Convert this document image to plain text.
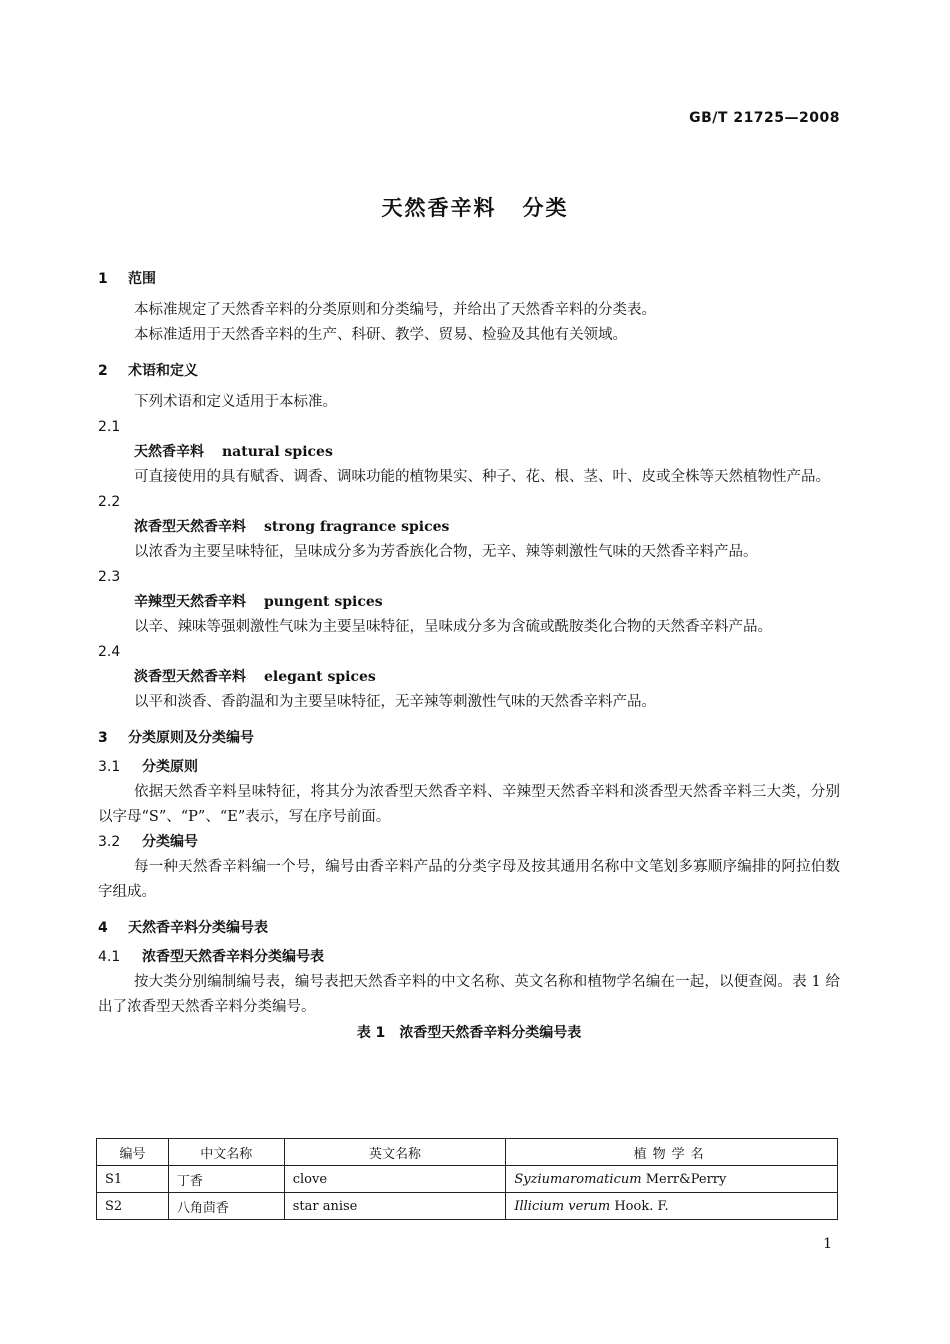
GB/T 21725—2008
天然香辛料 分类
1 范围

本标准规定了天然香辛料的分类原则和分类编号，并给出了天然香辛料的分类表。

本标准适用于天然香辛料的生产、科研、教学、贸易、检验及其他有关领域。

2 术语和定义

下列术语和定义适用于本标准。

2.1
天然香辛料 natural spices

可直接使用的具有赋香、调香、调味功能的植物果实、种子、花、根、茎、叶、皮或全株等天然植物性产品。

2.2
浓香型天然香辛料 strong fragrance spices

以浓香为主要呈味特征，呈味成分多为芳香族化合物，无辛、辣等刺激性气味的天然香辛料产品。

2.3
辛辣型天然香辛料 pungent spices

以辛、辣味等强刺激性气味为主要呈味特征，呈味成分多为含硫或酰胺类化合物的天然香辛料产品。

2.4
淡香型天然香辛料 elegant spices

以平和淡香、香韵温和为主要呈味特征，无辛辣等刺激性气味的天然香辛料产品。

3 分类原则及分类编号
3.1 分类原则

依据天然香辛料呈味特征，将其分为浓香型天然香辛料、辛辣型天然香辛料和淡香型天然香辛料三大类，分别以字母“S”、“P”、“E”表示，写在序号前面。

3.2 分类编号

每一种天然香辛料编一个号，编号由香辛料产品的分类字母及按其通用名称中文笔划多寡顺序编排的阿拉伯数字组成。

4 天然香辛料分类编号表
4.1 浓香型天然香辛料分类编号表

按大类分别编制编号表，编号表把天然香辛料的中文名称、英文名称和植物学名编在一起，以便查阅。表 1 给出了浓香型天然香辛料分类编号。

表 1 浓香型天然香辛料分类编号表
编号	中文名称	英文名称	植物学名
S1	丁香	clove	Syziumaromaticum Merr&Perry
S2	八角茴香	star anise	Illicium verum Hook. F.
1
